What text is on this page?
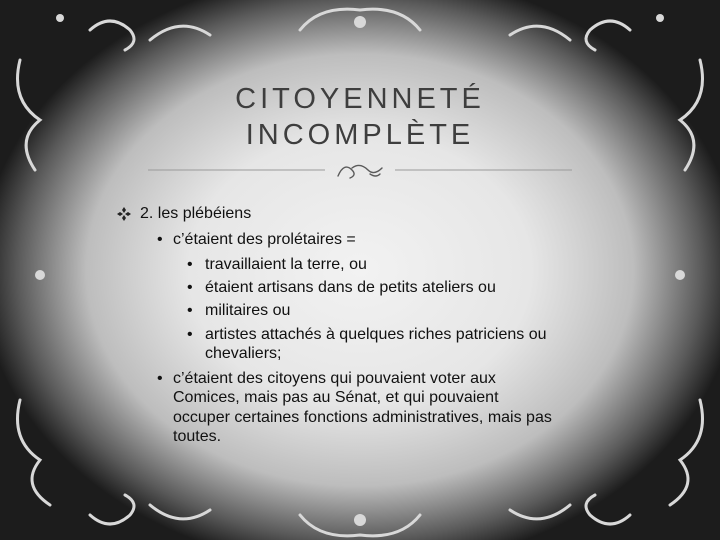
CITOYENNETÉ
INCOMPLÈTE
2. les plébéiens
• c’étaient des prolétaires =
• travaillaient la terre, ou
• étaient artisans dans de petits ateliers ou
• militaires ou
• artistes attachés à quelques riches patriciens ou
chevaliers;
• c’étaient des citoyens qui pouvaient voter aux
Comices, mais pas au Sénat, et qui pouvaient
occuper certaines fonctions administratives, mais pas
toutes.
